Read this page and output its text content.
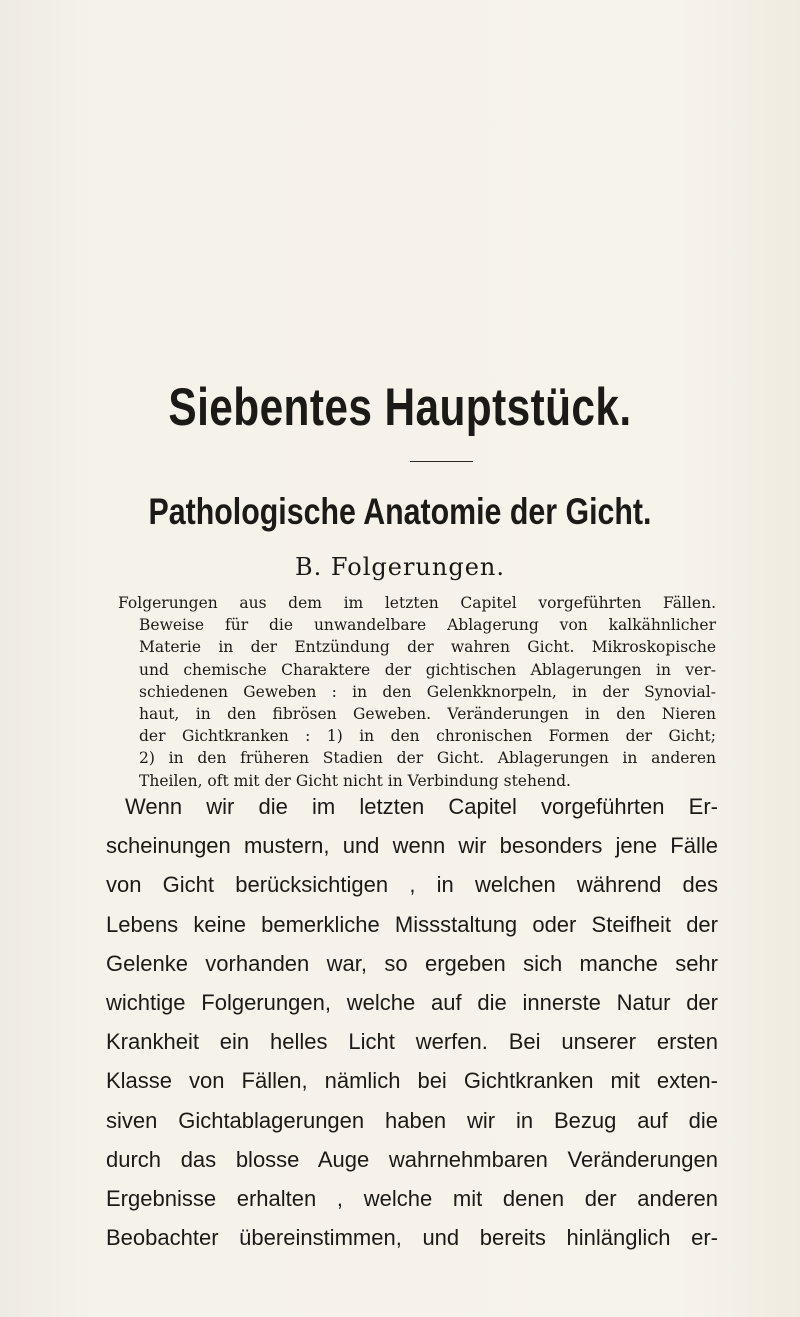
Siebentes Hauptstück.
Pathologische Anatomie der Gicht.
B. Folgerungen.
Folgerungen aus dem im letzten Capitel vorgeführten Fällen.
Beweise für die unwandelbare Ablagerung von kalkähnlicher
Materie in der Entzündung der wahren Gicht. Mikroskopische
und chemische Charaktere der gichtischen Ablagerungen in ver-
schiedenen Geweben : in den Gelenkknorpeln, in der Synovial-
haut, in den fibrösen Geweben. Veränderungen in den Nieren
der Gichtkranken : 1) in den chronischen Formen der Gicht;
2) in den früheren Stadien der Gicht. Ablagerungen in anderen
Theilen, oft mit der Gicht nicht in Verbindung stehend.
Wenn wir die im letzten Capitel vorgeführten Er-
scheinungen mustern, und wenn wir besonders jene Fälle
von Gicht berücksichtigen , in welchen während des
Lebens keine bemerkliche Missstaltung oder Steifheit der
Gelenke vorhanden war, so ergeben sich manche sehr
wichtige Folgerungen, welche auf die innerste Natur der
Krankheit ein helles Licht werfen. Bei unserer ersten
Klasse von Fällen, nämlich bei Gichtkranken mit exten-
siven Gichtablagerungen haben wir in Bezug auf die
durch das blosse Auge wahrnehmbaren Veränderungen
Ergebnisse erhalten , welche mit denen der anderen
Beobachter übereinstimmen, und bereits hinlänglich er-
